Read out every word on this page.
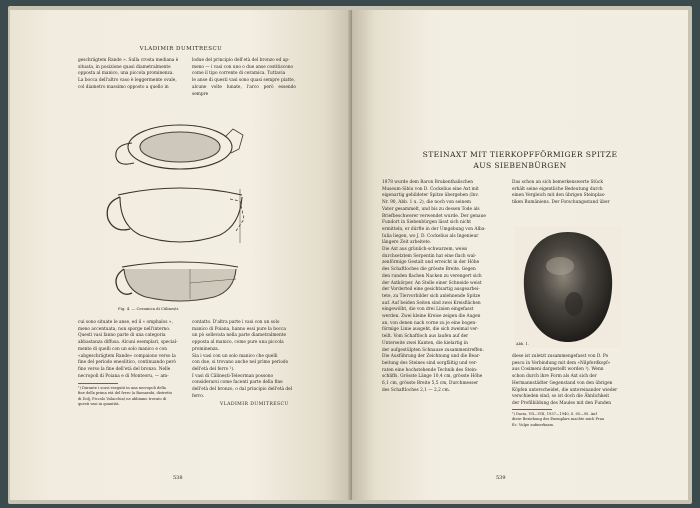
VLADIMIR DUMITRESCU

geschrägtem Rande ». Sulla crosta mediana è

situata, in posizione quasi diametralmente

opposta al manico, una piccola prominenza.

La bocca dell'altro vaso è leggermente ovale,

col diametro massimo opposto a quello in

lodue del principio dell'età del bronzo ed ap-

meno — i vasi con uno o due anse costitiscono

come il tipo corrente di ceramica. Tuttavia

le anse di questi vasi sono quasi sempre piatte,

alcune volte lunate, l'arco però essendo sempre

Fig. 4. — Ceramica di Călinești.

cui sono situate le anse, ed il « omphalos »,

meno accentuata, non sporge nell'interno.

Questi vasi fanno parte di una categoria

abbastanza diffusa. Alcuni esemplari, special-

mente di quelli con un solo manico e con

«abgeschrägtem Rande» compaiono verso la

fine del periodo eneolitico, continuando però

fino verso la fine dell'età del bronzo. Nelle

necropoli di Poiana e di Monteoru, — am-

¹) Durante i scavi eseguiti in una necropoli della

fine della prima età del ferro (a Bassarabi, distretto

di Dolj, Piccolo Valacchia) ne abbiamo trovato di

questi vasi in quantità.

contatto. D'altra parte i vasi con un solo

manico di Poiana, hanno essi pure la bocca

un pò sollevata nella parte diametralmente

opposta al manico, come pure una piccola

prominenza.

Sia i vasi con un solo manico che quelli

con due, si trovano anche nel primo periodo

dell'età del ferro ¹).

I vasi di Călinești-Teleorman possono

considerarsi come facenti parte della fine

dell'età del bronzo, o dal principio dell'età del

ferro.

VLADIMIR DUMITRESCU
538
STEINAXT MIT TIERKOPFFÖRMIGER SPITZE
AUS SIEBENBÜRGEN

1878 wurde dem Baron Brukenthalischen

Museum-Sibiu von D. Cockelius eine Axt mit

eigenartig gebildeter Spitze übergeben (Inv.

Nr. 90, Abb. 1 u. 2), die noch von seinem

Vater gesammelt, und bis zu dessen Tode als

Briefbeschwerer verwendet wurde. Der genaue

Fundort in Siebenbürgen lässt sich nicht

ermitteln, er dürfte in der Umgebung von Alba-

Iulia liegen, wo J. D. Cockelius als Ingenieur

längere Zeit arbeitete.

Die Axt aus grünlich-schwarzem, weiss

durchsetztem Serpentin hat eine flach wal-

zenförmige Gestalt und erreicht in der Höhe

des Schaftloches die grösste Breite. Gegen

den runden flachen Nacken zu verengert sich

der Axtkörper. An Stelle einer Schneide weist

der Vorderteil eine gesichtsartig ausgearbei-

tete, zu Tiervorbilder sich anlehnende Spitze

auf. Auf beiden Seiten sind zwei Kreisflächen

eingewölbt, die von drei Linien eingefasst

werden. Zwei kleine Kreise zeigen die Augen

an, von denen nach vorne zu je eine bogen-

förmige Linie ausgeht, die sich zweimal ver-

teilt. Vom Schaftloch aus laufen auf der

Unterseite zwei Kanten, die kielartig in

der aufgestülpten Schnauze zusammentreffen.

Die Ausführung der Zeichnung und die Bear-

beitung des Steines sind sorgfältig und ver-

raten eine hochstehende Technik des Stein-

schliffs. Grösste Länge 10,4 cm, grösste Höhe

6,1 cm, grösste Breite 5,5 cm, Durchmesser

des Schaftloches 2,1 — 2,2 cm.

Das schon an sich bemerkenswerte Stück

erhält seine eigentliche Bedeutung durch

einen Vergleich mit den übrigen Steinplas-

tiken Rumäniens. Der Forschungsstand über

Abb. 1.

diese ist zuletzt zusammengefasst von D. Po

pescu in Verbindung mit dem «Nilpferdkopf»

aus Cosimeni dargestellt worden ¹). Wenn

schon durch ihre Form als Axt sich der

Hermannstädter Gegenstand von den übrigen

Köpfen unterscheidet, die untereinander wieder

verschieden sind, so ist doch die Ähnlichkeit

der Profilbildung des Maules mit den Funden

¹) Dacia, VII—VIII, 1937—1940, S. 85—95. Auf

diese Beziehung des Exemplars machte mich Frau

Ec. Vulpe aufmerksam.

539
